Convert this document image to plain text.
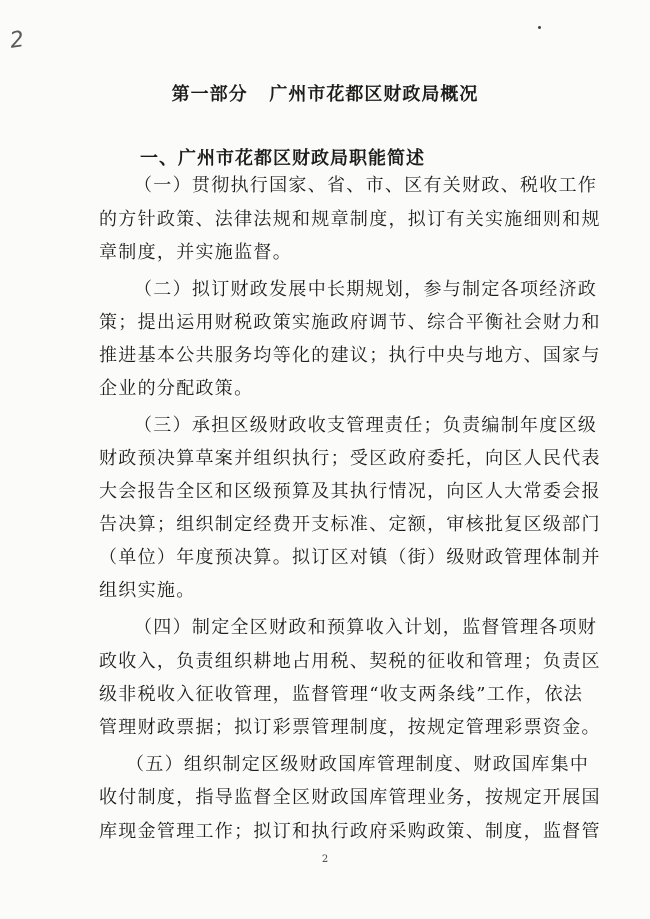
2
第一部分   广州市花都区财政局概况
一、广州市花都区财政局职能简述
（一）贯彻执行国家、省、市、区有关财政、税收工作
的方针政策、法律法规和规章制度，拟订有关实施细则和规
章制度，并实施监督。
（二）拟订财政发展中长期规划，参与制定各项经济政
策；提出运用财税政策实施政府调节、综合平衡社会财力和
推进基本公共服务均等化的建议；执行中央与地方、国家与
企业的分配政策。
（三）承担区级财政收支管理责任；负责编制年度区级
财政预决算草案并组织执行；受区政府委托，向区人民代表
大会报告全区和区级预算及其执行情况，向区人大常委会报
告决算；组织制定经费开支标准、定额，审核批复区级部门
（单位）年度预决算。拟订区对镇（街）级财政管理体制并
组织实施。
（四）制定全区财政和预算收入计划，监督管理各项财
政收入，负责组织耕地占用税、契税的征收和管理；负责区
级非税收入征收管理，监督管理“收支两条线”工作，依法
管理财政票据；拟订彩票管理制度，按规定管理彩票资金。
（五）组织制定区级财政国库管理制度、财政国库集中
收付制度，指导监督全区财政国库管理业务，按规定开展国
库现金管理工作；拟订和执行政府采购政策、制度，监督管
2
